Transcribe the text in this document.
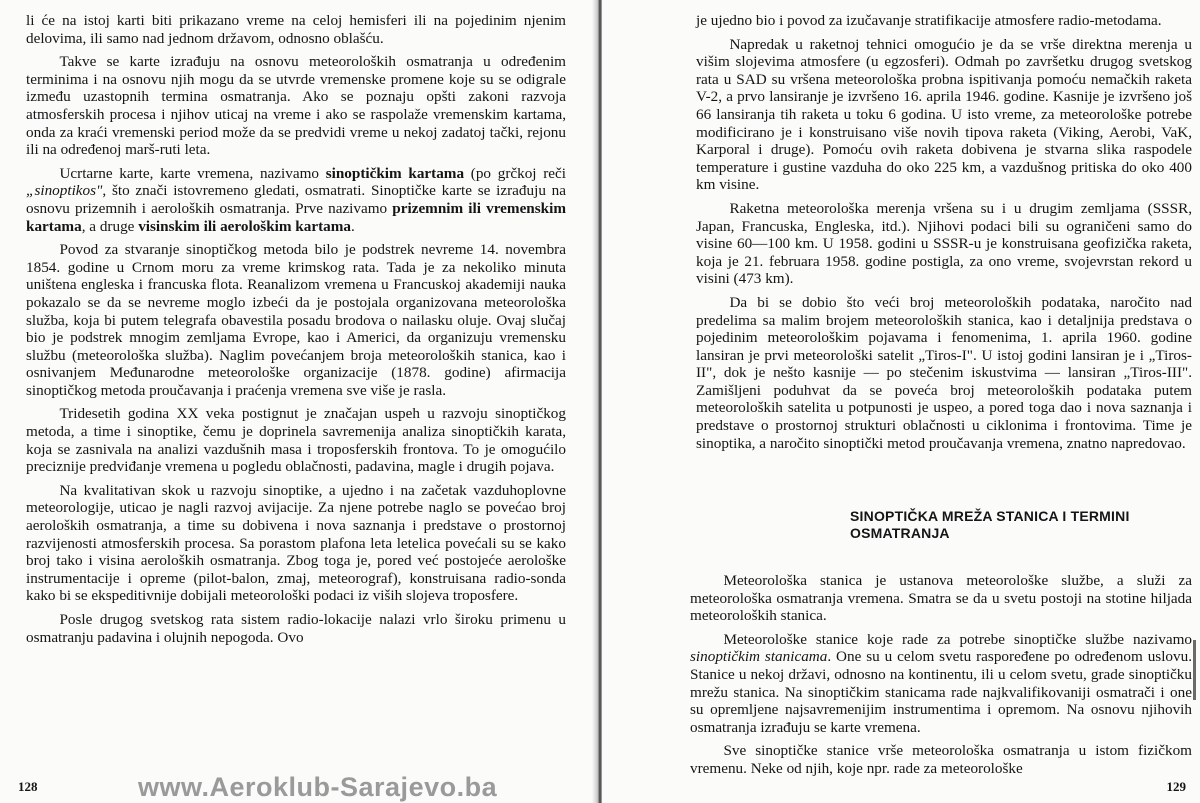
li će na istoj karti biti prikazano vreme na celoj hemisferi ili na pojedinim njenim delovima, ili samo nad jednom državom, odnosno oblašću.

Takve se karte izrađuju na osnovu meteoroloških osmatranja u određenim terminima i na osnovu njih mogu da se utvrde vremenske promene koje su se odigrale između uzastopnih termina osmatranja. Ako se poznaju opšti zakoni razvoja atmosferskih procesa i njihov uticaj na vreme i ako se raspolaže vremenskim kartama, onda za kraći vremenski period može da se predvidi vreme u nekoj zadatoj tački, rejonu ili na određenoj marš-ruti leta.

Ucrtarne karte, karte vremena, nazivamo sinoptičkim kartama (po grčkoj reči „sinoptikos", što znači istovremeno gledati, osmatrati. Sinoptičke karte se izrađuju na osnovu prizemnih i aeroloških osmatranja. Prve nazivamo prizemnim ili vremenskim kartama, a druge visinskim ili aerološkim kartama.

Povod za stvaranje sinoptičkog metoda bilo je podstrek nevreme 14. novembra 1854. godine u Crnom moru za vreme krimskog rata. Tada je za nekoliko minuta uništena engleska i francuska flota. Reanalizom vremena u Francuskoj akademiji nauka pokazalo se da se nevreme moglo izbeći da je postojala organizovana meteorološka služba, koja bi putem telegrafa obavestila posadu brodova o nailasku oluje. Ovaj slučaj bio je podstrek mnogim zemljama Evrope, kao i Americi, da organizuju vremensku službu (meteorološka služba). Naglim povećanjem broja meteoroloških stanica, kao i osnivanjem Međunarodne meteorološke organizacije (1878. godine) afirmacija sinoptičkog metoda proučavanja i praćenja vremena sve više je rasla.

Tridesetih godina XX veka postignut je značajan uspeh u razvoju sinoptičkog metoda, a time i sinoptike, čemu je doprinela savremenija analiza sinoptičkih karata, koja se zasnivala na analizi vazdušnih masa i troposferskih frontova. To je omogućilo preciznije predviđanje vremena u pogledu oblačnosti, padavina, magle i drugih pojava.

Na kvalitativan skok u razvoju sinoptike, a ujedno i na začetak vazduhoplovne meteorologije, uticao je nagli razvoj avijacije. Za njene potrebe naglo se povećao broj aeroloških osmatranja, a time su dobivena i nova saznanja i predstave o prostornoj razvijenosti atmosferskih procesa. Sa porastom plafona leta letelica povećali su se kako broj tako i visina aeroloških osmatranja. Zbog toga je, pored već postojeće aerološke instrumentacije i opreme (pilot-balon, zmaj, meteorograf), konstruisana radio-sonda kako bi se ekspeditivnije dobijali meteorološki podaci iz viših slojeva troposfere.

Posle drugog svetskog rata sistem radio-lokacije nalazi vrlo široku primenu u osmatranju padavina i olujnih nepogoda. Ovo

128

je ujedno bio i povod za izučavanje stratifikacije atmosfere radio-metodama.

Napredak u raketnoj tehnici omogućio je da se vrše direktna merenja u višim slojevima atmosfere (u egzosferi). Odmah po završetku drugog svetskog rata u SAD su vršena meteorološka probna ispitivanja pomoću nemačkih raketa V-2, a prvo lansiranje je izvršeno 16. aprila 1946. godine. Kasnije je izvršeno još 66 lansiranja tih raketa u toku 6 godina. U isto vreme, za meteorološke potrebe modificirano je i konstruisano više novih tipova raketa (Viking, Aerobi, VaK, Karporal i druge). Pomoću ovih raketa dobivena je stvarna slika raspodele temperature i gustine vazduha do oko 225 km, a vazdušnog pritiska do oko 400 km visine.

Raketna meteorološka merenja vršena su i u drugim zemljama (SSSR, Japan, Francuska, Engleska, itd.). Njihovi podaci bili su ograničeni samo do visine 60—100 km. U 1958. godini u SSSR-u je konstruisana geofizička raketa, koja je 21. februara 1958. godine postigla, za ono vreme, svojevrstan rekord u visini (473 km).

Da bi se dobio što veći broj meteoroloških podataka, naročito nad predelima sa malim brojem meteoroloških stanica, kao i detaljnija predstava o pojedinim meteorološkim pojavama i fenomenima, 1. aprila 1960. godine lansiran je prvi meteorološki satelit „Tiros-I". U istoj godini lansiran je i „Tiros-II", dok je nešto kasnije — po stečenim iskustvima — lansiran „Tiros-III". Zamišljeni poduhvat da se poveća broj meteoroloških podataka putem meteoroloških satelita u potpunosti je uspeo, a pored toga dao i nova saznanja i predstave o prostornoj strukturi oblačnosti u ciklonima i frontovima. Time je sinoptika, a naročito sinoptički metod proučavanja vremena, znatno napredovao.

SINOPTIČKA MREŽA STANICA I TERMINI OSMATRANJA

Meteorološka stanica je ustanova meteorološke službe, a služi za meteorološka osmatranja vremena. Smatra se da u svetu postoji na stotine hiljada meteoroloških stanica.

Meteorološke stanice koje rade za potrebe sinoptičke službe nazivamo sinoptičkim stanicama. One su u celom svetu raspoređene po određenom uslovu. Stanice u nekoj državi, odnosno na kontinentu, ili u celom svetu, grade sinoptičku mrežu stanica. Na sinoptičkim stanicama rade najkvalifikovaniji osmatrači i one su opremljene najsavremenijim instrumentima i opremom. Na osnovu njihovih osmatranja izrađuju se karte vremena.

Sve sinoptičke stanice vrše meteorološka osmatranja u istom fizičkom vremenu. Neke od njih, koje npr. rade za meteorološke

129
www.Aeroklub-Sarajevo.ba
